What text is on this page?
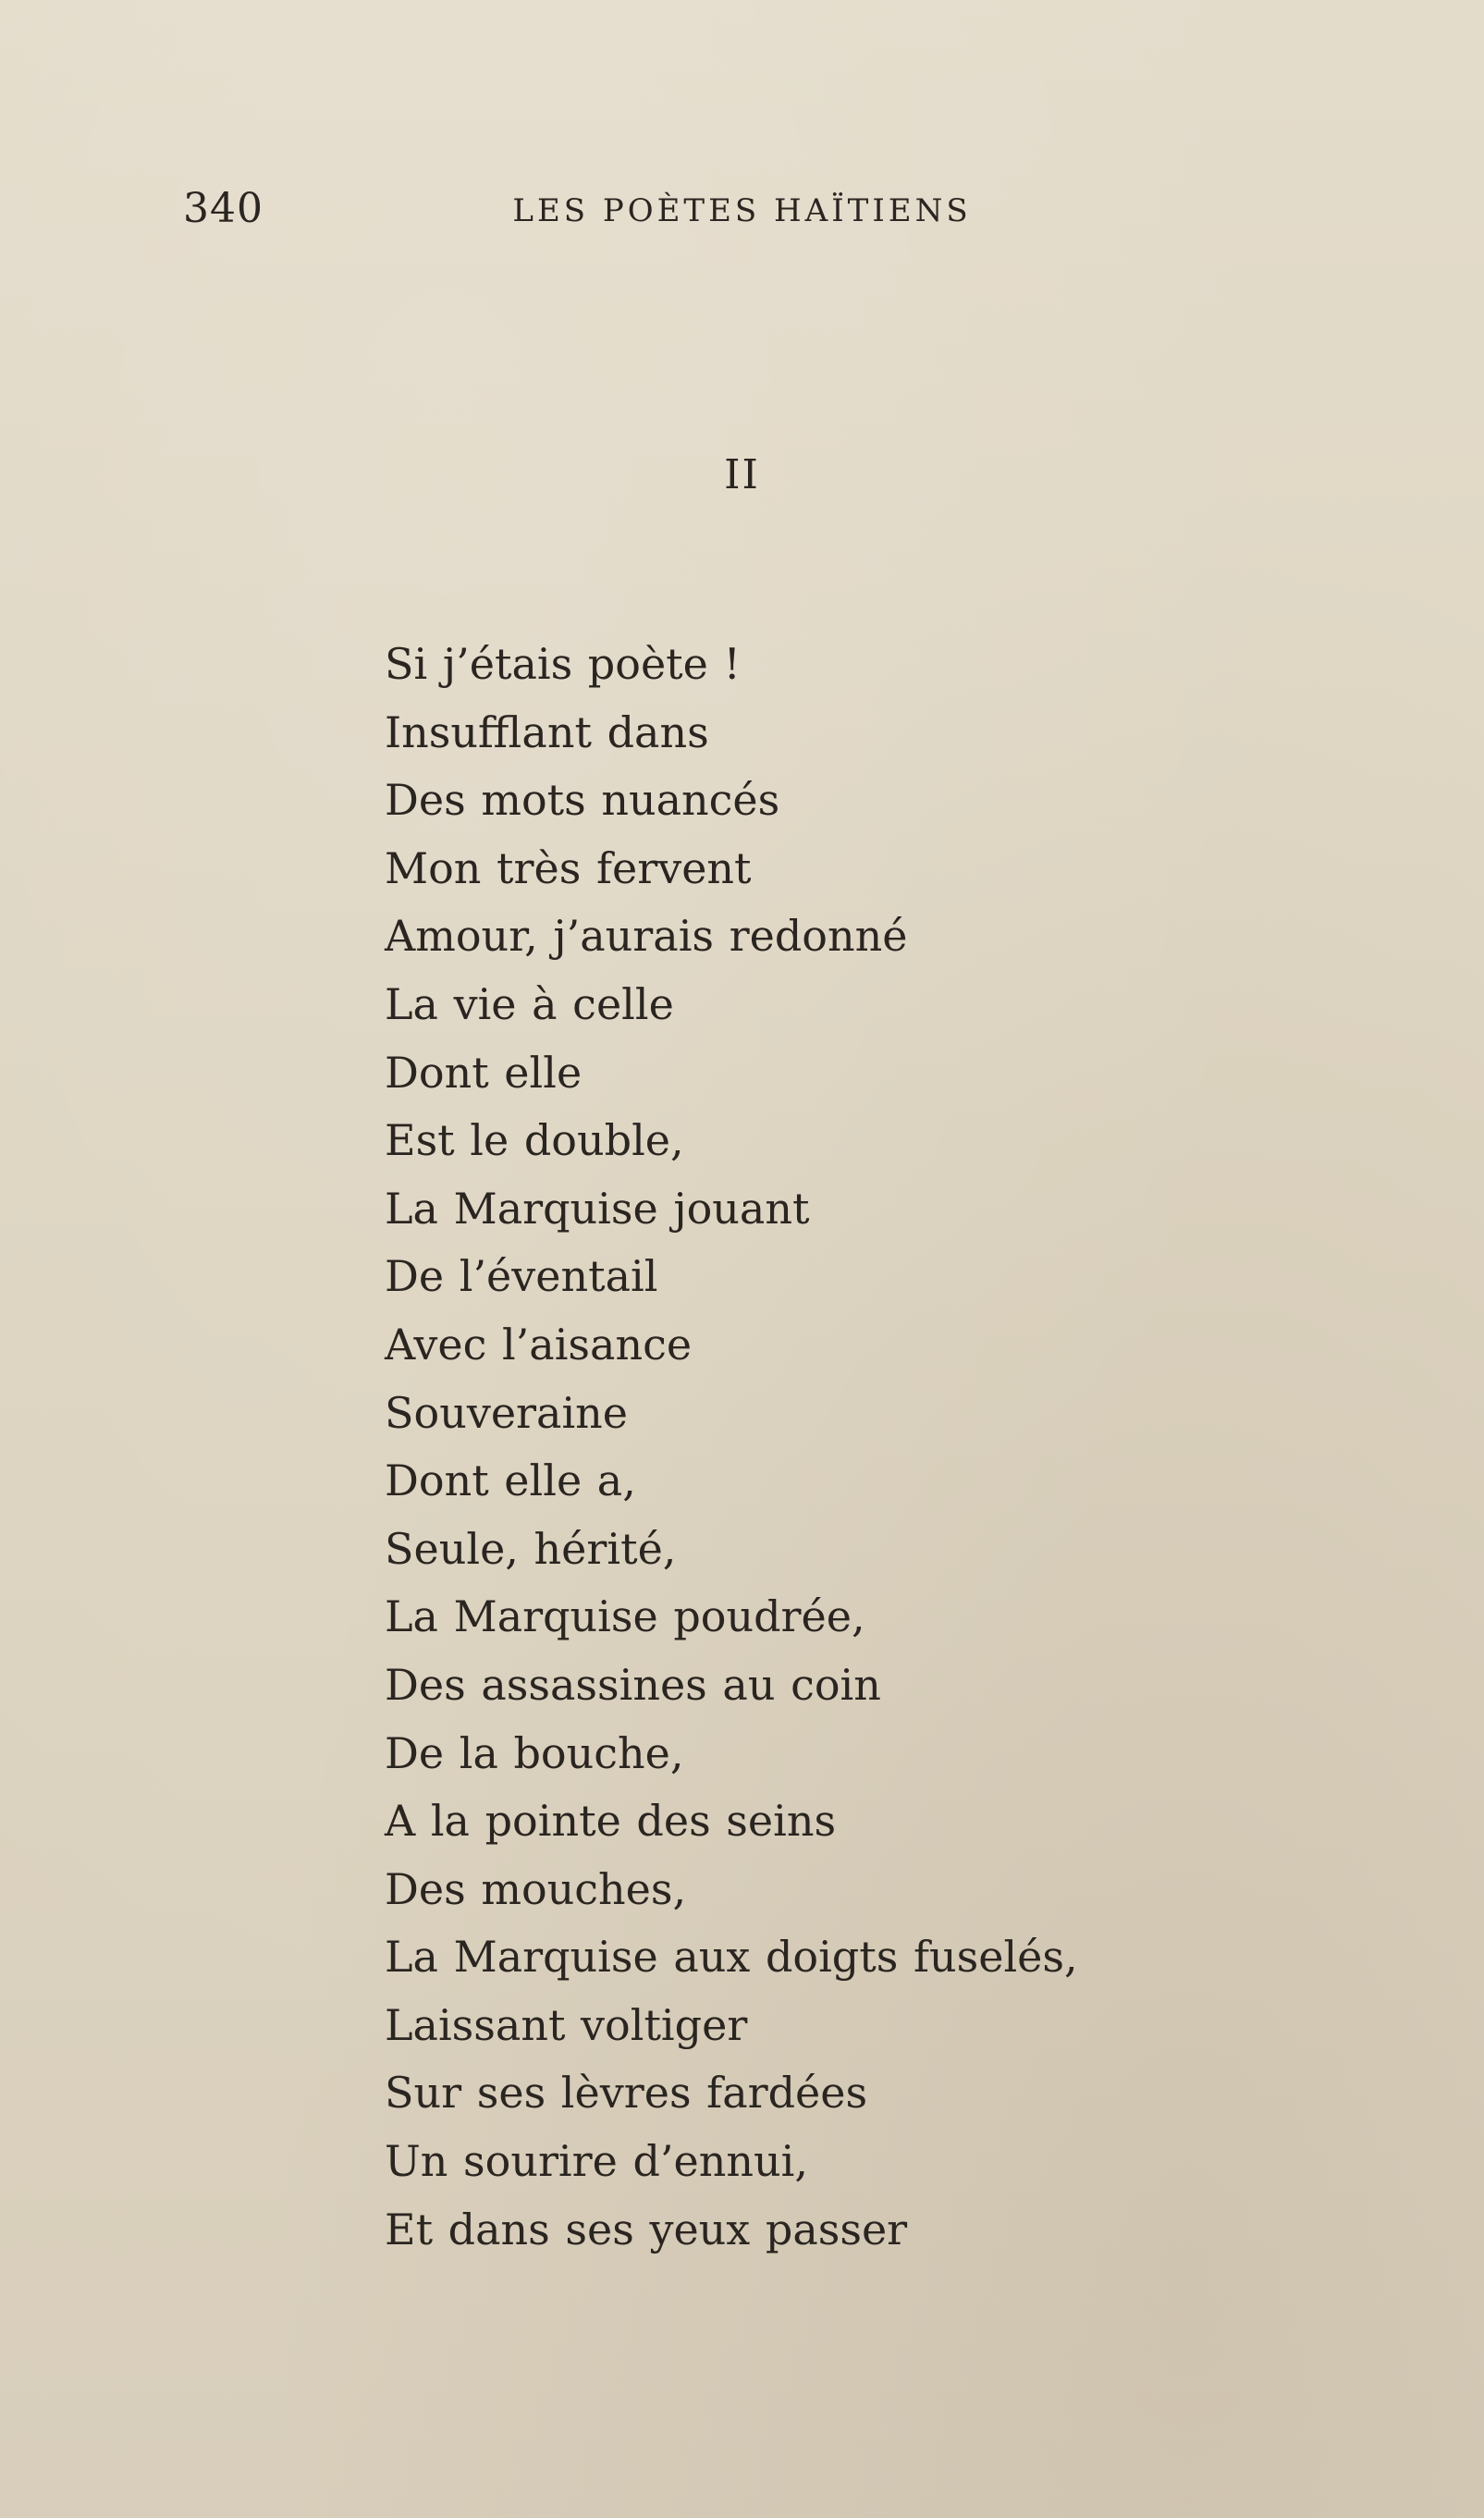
340	LES POÈTES HAÏTIENS
II
Si j’étais poète !
Insufflant dans
Des mots nuancés
Mon très fervent
Amour, j’aurais redonné
La vie à celle
Dont elle
Est le double,
La Marquise jouant
De l’éventail
Avec l’aisance
Souveraine
Dont elle a,
Seule, hérité,
La Marquise poudrée,
Des assassines au coin
De la bouche,
A la pointe des seins
Des mouches,
La Marquise aux doigts fuselés,
Laissant voltiger
Sur ses lèvres fardées
Un sourire d’ennui,
Et dans ses yeux passer
